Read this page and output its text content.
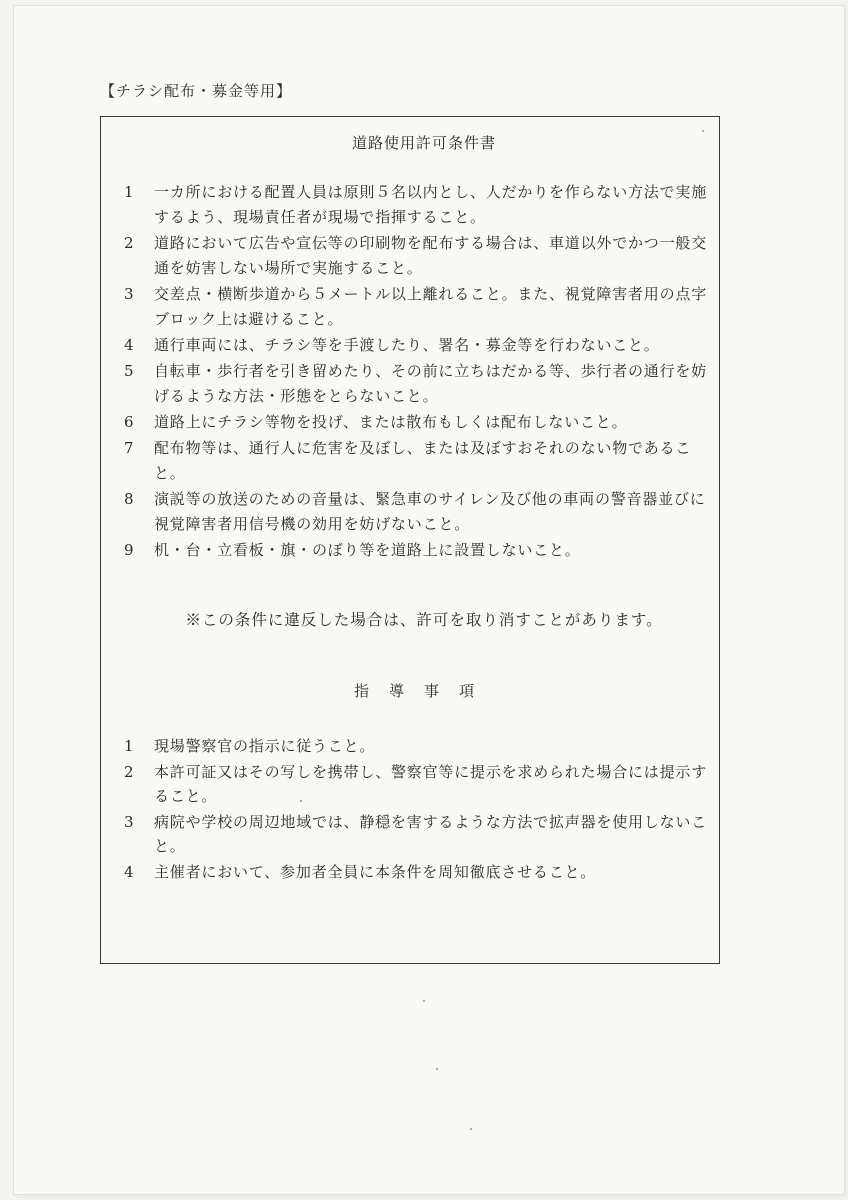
【チラシ配布・募金等用】
道路使用許可条件書
1	一カ所における配置人員は原則５名以内とし、人だかりを作らない方法で実施するよう、現場責任者が現場で指揮すること。
2	道路において広告や宣伝等の印刷物を配布する場合は、車道以外でかつ一般交通を妨害しない場所で実施すること。
3	交差点・横断歩道から５メートル以上離れること。また、視覚障害者用の点字ブロック上は避けること。
4	通行車両には、チラシ等を手渡したり、署名・募金等を行わないこと。
5	自転車・歩行者を引き留めたり、その前に立ちはだかる等、歩行者の通行を妨げるような方法・形態をとらないこと。
6	道路上にチラシ等物を投げ、または散布もしくは配布しないこと。
7	配布物等は、通行人に危害を及ぼし、または及ぼすおそれのない物であること。
8	演説等の放送のための音量は、緊急車のサイレン及び他の車両の警音器並びに視覚障害者用信号機の効用を妨げないこと。
9	机・台・立看板・旗・のぼり等を道路上に設置しないこと。
※この条件に違反した場合は、許可を取り消すことがあります。
指導事項
1	現場警察官の指示に従うこと。
2	本許可証又はその写しを携帯し、警察官等に提示を求められた場合には提示すること。
3	病院や学校の周辺地域では、静穏を害するような方法で拡声器を使用しないこと。
4	主催者において、参加者全員に本条件を周知徹底させること。
